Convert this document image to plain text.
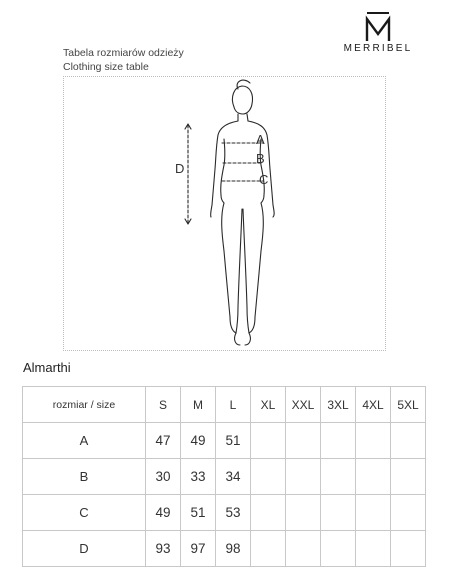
MERRIBEL
Tabela rozmiarów odzieży
Clothing size table
A
B
C
D
Almarthi
rozmiar / size	S	M	L	XL	XXL	3XL	4XL	5XL
A	47	49	51					
B	30	33	34					
C	49	51	53					
D	93	97	98					
